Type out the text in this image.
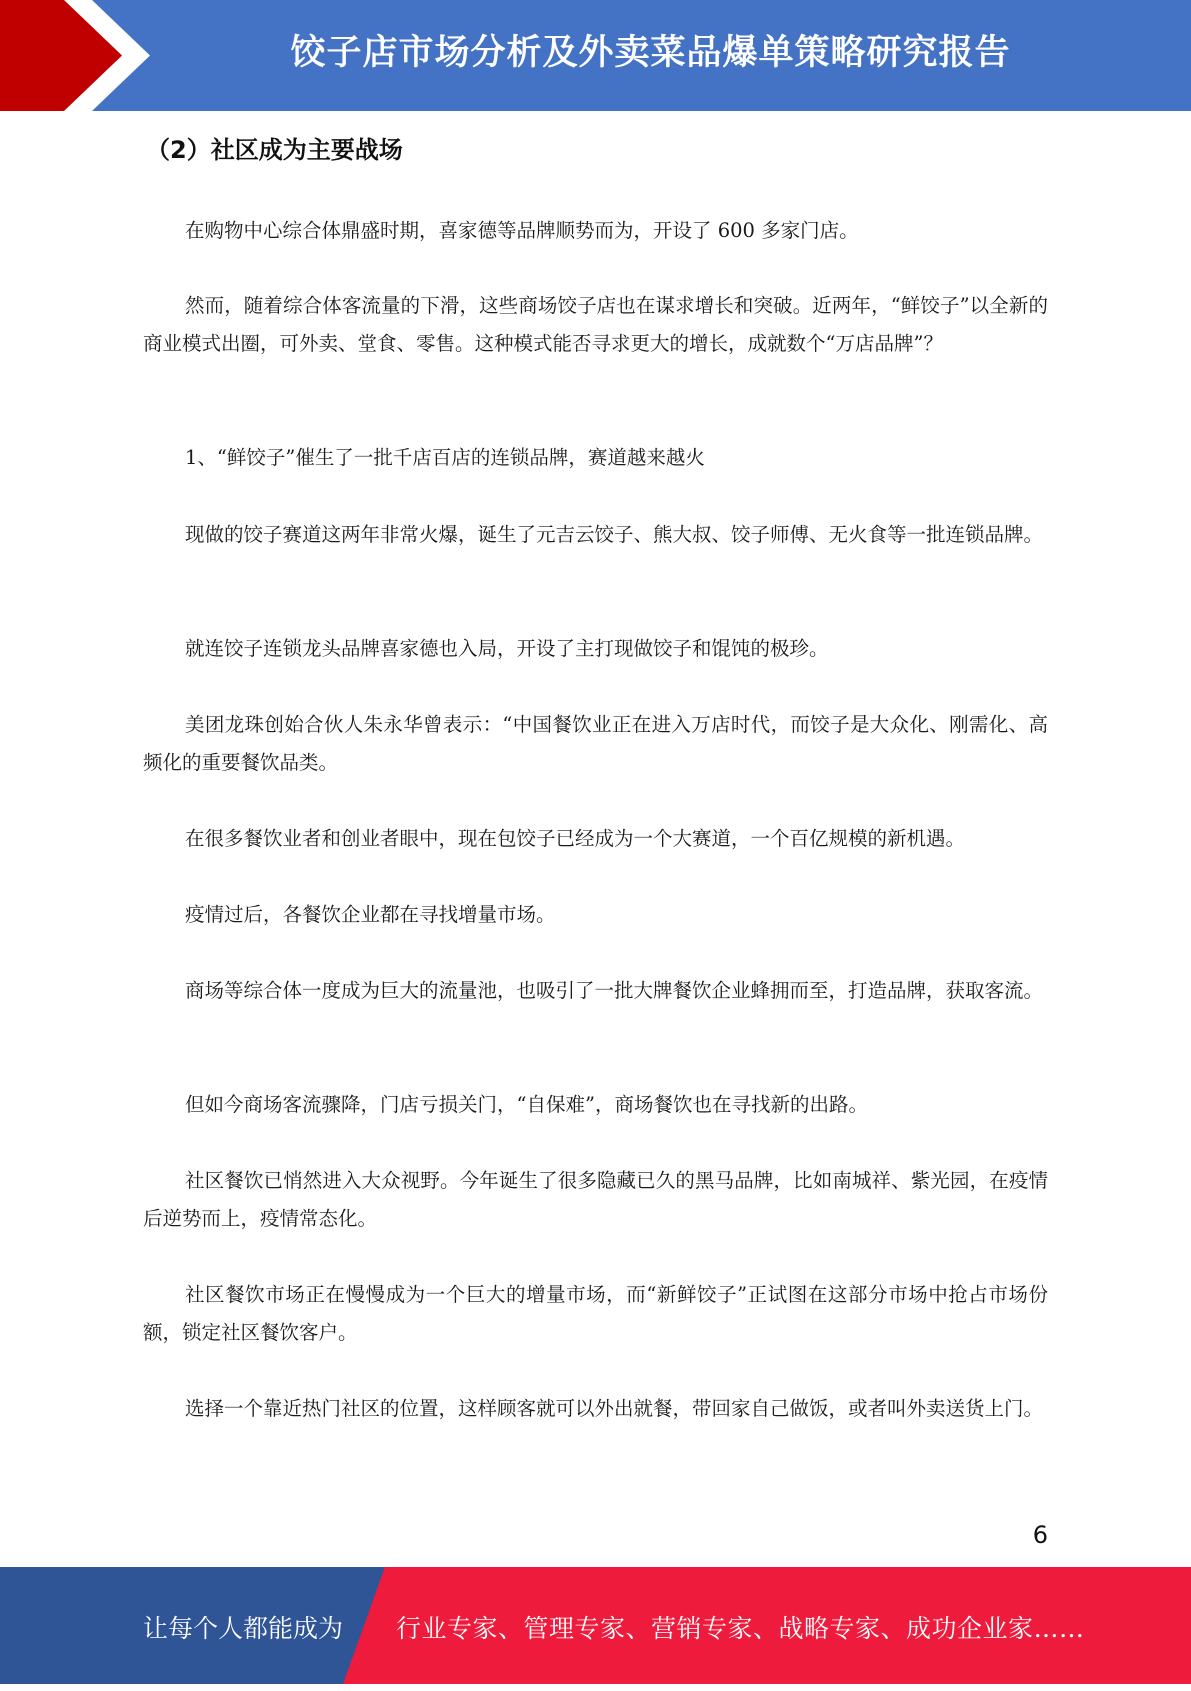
饺子店市场分析及外卖菜品爆单策略研究报告
（2）社区成为主要战场

在购物中心综合体鼎盛时期，喜家德等品牌顺势而为，开设了 600 多家门店。

然而，随着综合体客流量的下滑，这些商场饺子店也在谋求增长和突破。近两年，“鲜饺子”以全新的商业模式出圈，可外卖、堂食、零售。这种模式能否寻求更大的增长，成就数个“万店品牌”？

1、“鲜饺子”催生了一批千店百店的连锁品牌，赛道越来越火

现做的饺子赛道这两年非常火爆，诞生了元吉云饺子、熊大叔、饺子师傅、无火食等一批连锁品牌。

就连饺子连锁龙头品牌喜家德也入局，开设了主打现做饺子和馄饨的极珍。

美团龙珠创始合伙人朱永华曾表示：“中国餐饮业正在进入万店时代，而饺子是大众化、刚需化、高频化的重要餐饮品类。

在很多餐饮业者和创业者眼中，现在包饺子已经成为一个大赛道，一个百亿规模的新机遇。

疫情过后，各餐饮企业都在寻找增量市场。

商场等综合体一度成为巨大的流量池，也吸引了一批大牌餐饮企业蜂拥而至，打造品牌，获取客流。

但如今商场客流骤降，门店亏损关门，“自保难”，商场餐饮也在寻找新的出路。

社区餐饮已悄然进入大众视野。今年诞生了很多隐藏已久的黑马品牌，比如南城祥、紫光园，在疫情后逆势而上，疫情常态化。

社区餐饮市场正在慢慢成为一个巨大的增量市场，而“新鲜饺子”正试图在这部分市场中抢占市场份额，锁定社区餐饮客户。

选择一个靠近热门社区的位置，这样顾客就可以外出就餐，带回家自己做饭，或者叫外卖送货上门。

6
让每个人都能成为 行业专家、管理专家、营销专家、战略专家、成功企业家……
